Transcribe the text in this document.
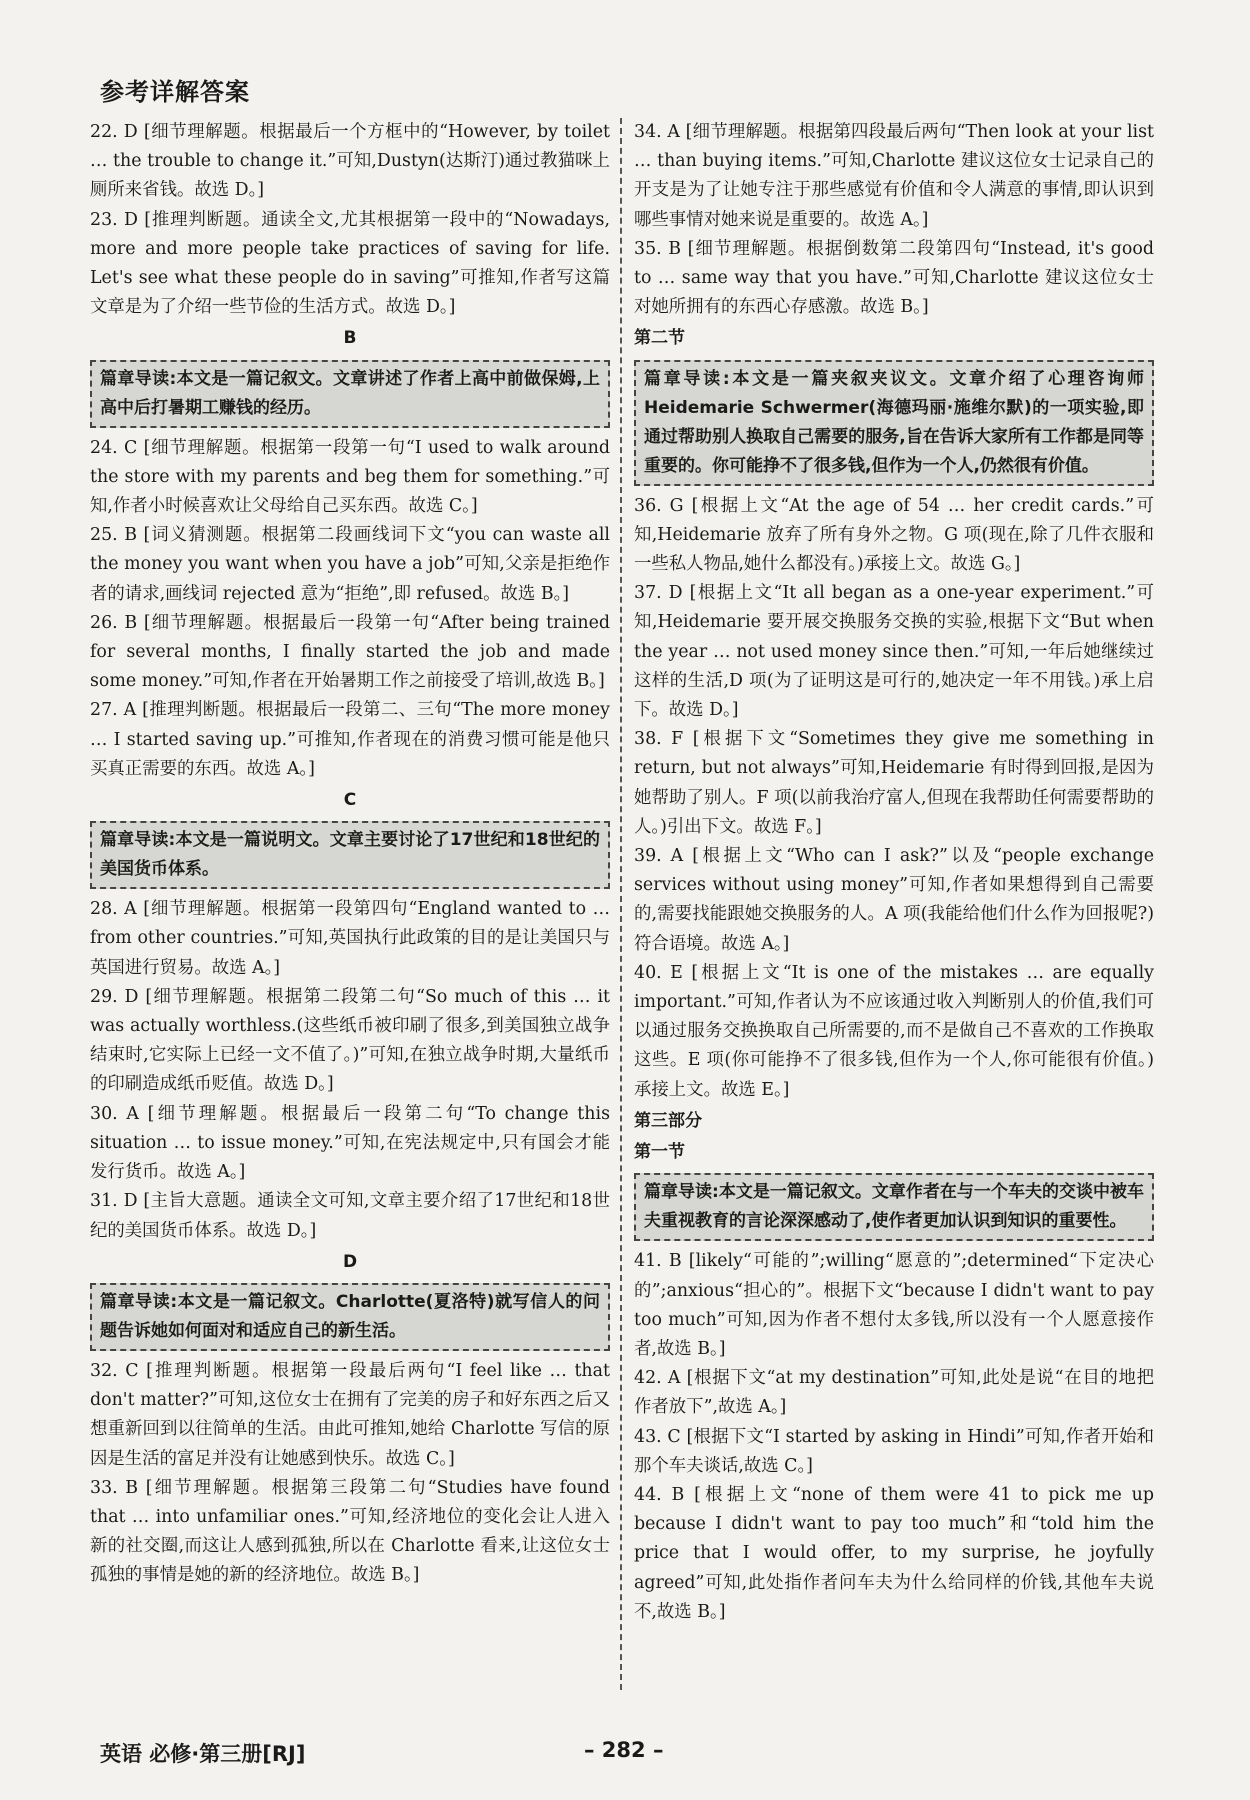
参考详解答案
22. D [细节理解题。根据最后一个方框中的“However, by toilet … the trouble to change it.”可知,Dustyn(达斯汀)通过教猫咪上厕所来省钱。故选 D。]
23. D [推理判断题。通读全文,尤其根据第一段中的“Nowadays, more and more people take practices of saving for life. Let's see what these people do in saving”可推知,作者写这篇文章是为了介绍一些节俭的生活方式。故选 D。]
B
篇章导读:本文是一篇记叙文。文章讲述了作者上高中前做保姆,上高中后打暑期工赚钱的经历。
24. C [细节理解题。根据第一段第一句“I used to walk around the store with my parents and beg them for something.”可知,作者小时候喜欢让父母给自己买东西。故选 C。]
25. B [词义猜测题。根据第二段画线词下文“you can waste all the money you want when you have a job”可知,父亲是拒绝作者的请求,画线词 rejected 意为“拒绝”,即 refused。故选 B。]
26. B [细节理解题。根据最后一段第一句“After being trained for several months, I finally started the job and made some money.”可知,作者在开始暑期工作之前接受了培训,故选 B。]
27. A [推理判断题。根据最后一段第二、三句“The more money … I started saving up.”可推知,作者现在的消费习惯可能是他只买真正需要的东西。故选 A。]
C
篇章导读:本文是一篇说明文。文章主要讨论了17世纪和18世纪的美国货币体系。
28. A [细节理解题。根据第一段第四句“England wanted to … from other countries.”可知,英国执行此政策的目的是让美国只与英国进行贸易。故选 A。]
29. D [细节理解题。根据第二段第二句“So much of this … it was actually worthless.(这些纸币被印刷了很多,到美国独立战争结束时,它实际上已经一文不值了。)”可知,在独立战争时期,大量纸币的印刷造成纸币贬值。故选 D。]
30. A [细节理解题。根据最后一段第二句“To change this situation … to issue money.”可知,在宪法规定中,只有国会才能发行货币。故选 A。]
31. D [主旨大意题。通读全文可知,文章主要介绍了17世纪和18世纪的美国货币体系。故选 D。]
D
篇章导读:本文是一篇记叙文。Charlotte(夏洛特)就写信人的问题告诉她如何面对和适应自己的新生活。
32. C [推理判断题。根据第一段最后两句“I feel like … that don't matter?”可知,这位女士在拥有了完美的房子和好东西之后又想重新回到以往简单的生活。由此可推知,她给 Charlotte 写信的原因是生活的富足并没有让她感到快乐。故选 C。]
33. B [细节理解题。根据第三段第二句“Studies have found that … into unfamiliar ones.”可知,经济地位的变化会让人进入新的社交圈,而这让人感到孤独,所以在 Charlotte 看来,让这位女士孤独的事情是她的新的经济地位。故选 B。]
34. A [细节理解题。根据第四段最后两句“Then look at your list … than buying items.”可知,Charlotte 建议这位女士记录自己的开支是为了让她专注于那些感觉有价值和令人满意的事情,即认识到哪些事情对她来说是重要的。故选 A。]
35. B [细节理解题。根据倒数第二段第四句“Instead, it's good to … same way that you have.”可知,Charlotte 建议这位女士对她所拥有的东西心存感激。故选 B。]
第二节
篇章导读:本文是一篇夹叙夹议文。文章介绍了心理咨询师 Heidemarie Schwermer(海德玛丽·施维尔默)的一项实验,即通过帮助别人换取自己需要的服务,旨在告诉大家所有工作都是同等重要的。你可能挣不了很多钱,但作为一个人,仍然很有价值。
36. G [根据上文“At the age of 54 … her credit cards.”可知,Heidemarie 放弃了所有身外之物。G 项(现在,除了几件衣服和一些私人物品,她什么都没有。)承接上文。故选 G。]
37. D [根据上文“It all began as a one-year experiment.”可知,Heidemarie 要开展交换服务交换的实验,根据下文“But when the year … not used money since then.”可知,一年后她继续过这样的生活,D 项(为了证明这是可行的,她决定一年不用钱。)承上启下。故选 D。]
38. F [根据下文“Sometimes they give me something in return, but not always”可知,Heidemarie 有时得到回报,是因为她帮助了别人。F 项(以前我治疗富人,但现在我帮助任何需要帮助的人。)引出下文。故选 F。]
39. A [根据上文“Who can I ask?”以及“people exchange services without using money”可知,作者如果想得到自己需要的,需要找能跟她交换服务的人。A 项(我能给他们什么作为回报呢?)符合语境。故选 A。]
40. E [根据上文“It is one of the mistakes … are equally important.”可知,作者认为不应该通过收入判断别人的价值,我们可以通过服务交换换取自己所需要的,而不是做自己不喜欢的工作换取这些。E 项(你可能挣不了很多钱,但作为一个人,你可能很有价值。)承接上文。故选 E。]
第三部分
第一节
篇章导读:本文是一篇记叙文。文章作者在与一个车夫的交谈中被车夫重视教育的言论深深感动了,使作者更加认识到知识的重要性。
41. B [likely“可能的”;willing“愿意的”;determined“下定决心的”;anxious“担心的”。根据下文“because I didn't want to pay too much”可知,因为作者不想付太多钱,所以没有一个人愿意接作者,故选 B。]
42. A [根据下文“at my destination”可知,此处是说“在目的地把作者放下”,故选 A。]
43. C [根据下文“I started by asking in Hindi”可知,作者开始和那个车夫谈话,故选 C。]
44. B [根据上文“none of them were 41 to pick me up because I didn't want to pay too much”和“told him the price that I would offer, to my surprise, he joyfully agreed”可知,此处指作者问车夫为什么给同样的价钱,其他车夫说不,故选 B。]
英语 必修·第三册[RJ]	– 282 –
